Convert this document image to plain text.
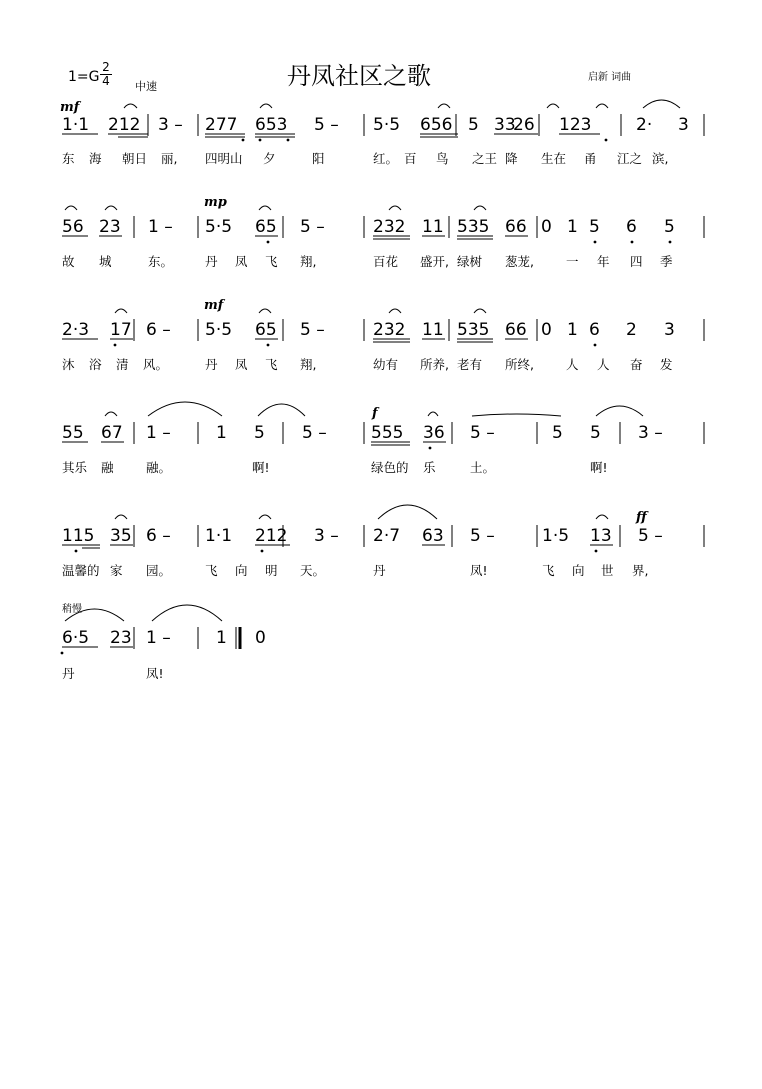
丹凤社区之歌
1=G
2
4 中速
启新 词曲
稍慢
mf
mp
mf
f
ff
1·1 212 3 – 277 653 5 – 5·5 656 5 33
26 123	2· 3
东 海 朝日 丽, 四明山 夕	阳	红。 百 鸟 之王 降 生在 甬 江之 滨,
56 23 1 – 5·5 65 5 –	232 11 535 66 0 1 5 6 5
故 城	东。	丹 凤 飞 翔,	百花 盛开, 绿树 葱茏,	一 年 四 季
2·3 17 6 – 5·5 65 5 –	232 11 535 66 0 1 6 2 3
沐 浴 清 风。	丹 凤 飞 翔,	幼有 所养, 老有 所终,	人 人 奋 发
55 67 1 –	1 5 5 –	555 36 5 –	5 5 3 –
其乐 融	融。	啊!	绿色的 乐	土。	啊!
115 35 6 – 1·1 212 3 – 2·7 63 5 –	1·5 13 5 –
温馨的 家 园。	飞 向 明 天。	丹	凤!	飞 向 世 界,
6·5 23 1 –	1 0
丹	凤!
